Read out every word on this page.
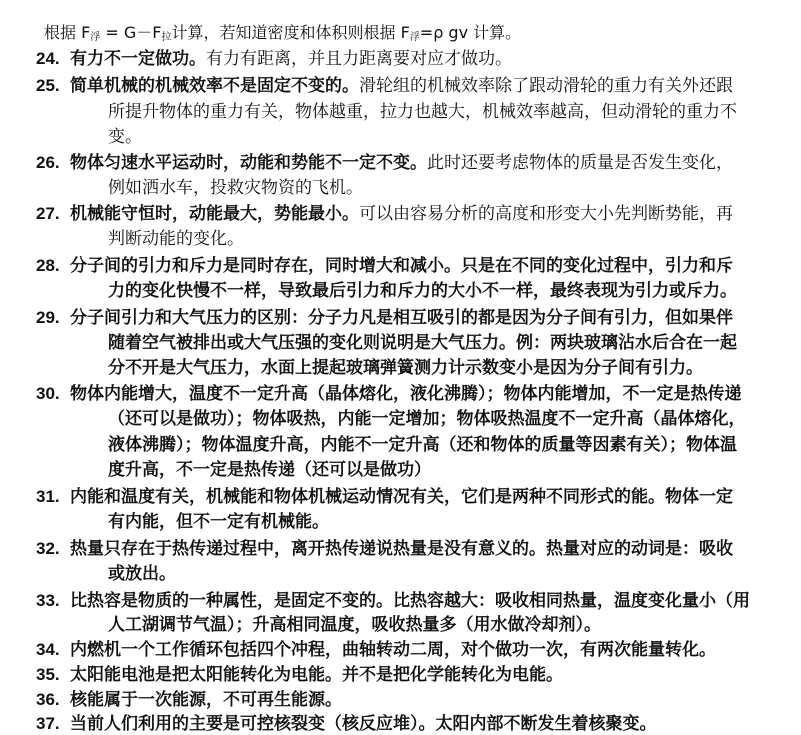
根据 $F_浮 = G-F_拉$计算，若知道密度和体积则根据 $F_浮=\rho$ gv 计算。
24. 有力不一定做功。有力有距离，并且力距离要对应才做功。
25. 简单机械的机械效率不是固定不变的。滑轮组的机械效率除了跟动滑轮的重力有关外还跟
所提升物体的重力有关，物体越重，拉力也越大，机械效率越高，但动滑轮的重力不
变。
26. 物体匀速水平运动时，动能和势能不一定不变。此时还要考虑物体的质量是否发生变化，
例如洒水车，投救灾物资的飞机。
27. 机械能守恒时，动能最大，势能最小。可以由容易分析的高度和形变大小先判断势能，再
判断动能的变化。
28. 分子间的引力和斥力是同时存在，同时增大和减小。只是在不同的变化过程中，引力和斥
力的变化快慢不一样，导致最后引力和斥力的大小不一样，最终表现为引力或斥力。
29. 分子间引力和大气压力的区别：分子力凡是相互吸引的都是因为分子间有引力，但如果伴
随着空气被排出或大气压强的变化则说明是大气压力。例：两块玻璃沾水后合在一起
分不开是大气压力，水面上提起玻璃弹簧测力计示数变小是因为分子间有引力。
30. 物体内能增大，温度不一定升高（晶体熔化，液化沸腾）；物体内能增加，不一定是热传递
（还可以是做功）；物体吸热，内能一定增加；物体吸热温度不一定升高（晶体熔化，
液体沸腾）；物体温度升高，内能不一定升高（还和物体的质量等因素有关）；物体温
度升高，不一定是热传递（还可以是做功）
31. 内能和温度有关，机械能和物体机械运动情况有关，它们是两种不同形式的能。物体一定
有内能，但不一定有机械能。
32. 热量只存在于热传递过程中，离开热传递说热量是没有意义的。热量对应的动词是：吸收
或放出。
33. 比热容是物质的一种属性，是固定不变的。比热容越大：吸收相同热量，温度变化量小（用
人工湖调节气温）；升高相同温度，吸收热量多（用水做冷却剂）。
34. 内燃机一个工作循环包括四个冲程，曲轴转动二周，对个做功一次，有两次能量转化。
35. 太阳能电池是把太阳能转化为电能。并不是把化学能转化为电能。
36. 核能属于一次能源，不可再生能源。
37. 当前人们利用的主要是可控核裂变（核反应堆）。太阳内部不断发生着核聚变。
